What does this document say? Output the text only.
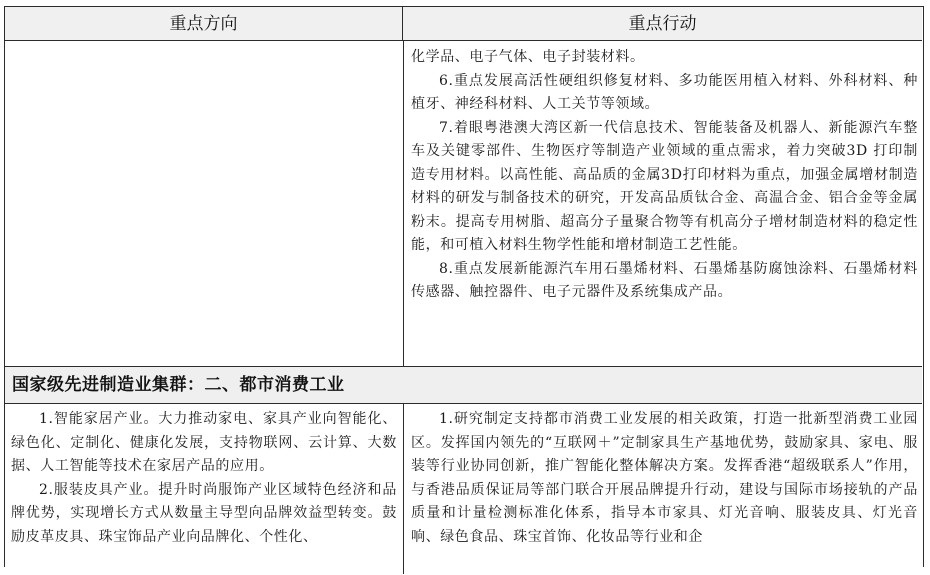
重点方向	重点行动

化学品、电子气体、电子封装材料。

6.重点发展高活性硬组织修复材料、多功能医用植入材料、外科材料、种植牙、神经科材料、人工关节等领域。

7.着眼粤港澳大湾区新一代信息技术、智能装备及机器人、新能源汽车整车及关键零部件、生物医疗等制造产业领域的重点需求，着力突破3D 打印制造专用材料。以高性能、高品质的金属3D打印材料为重点，加强金属增材制造材料的研发与制备技术的研究，开发高品质钛合金、高温合金、铝合金等金属粉末。提高专用树脂、超高分子量聚合物等有机高分子增材制造材料的稳定性能，和可植入材料生物学性能和增材制造工艺性能。

8.重点发展新能源汽车用石墨烯材料、石墨烯基防腐蚀涂料、石墨烯材料传感器、触控器件、电子元器件及系统集成产品。

国家级先进制造业集群：二、都市消费工业

1.智能家居产业。大力推动家电、家具产业向智能化、绿色化、定制化、健康化发展，支持物联网、云计算、大数据、人工智能等技术在家居产品的应用。

2.服装皮具产业。提升时尚服饰产业区域特色经济和品牌优势，实现增长方式从数量主导型向品牌效益型转变。鼓励皮革皮具、珠宝饰品产业向品牌化、个性化、

1.研究制定支持都市消费工业发展的相关政策，打造一批新型消费工业园区。发挥国内领先的“互联网＋”定制家具生产基地优势，鼓励家具、家电、服装等行业协同创新，推广智能化整体解决方案。发挥香港“超级联系人”作用，与香港品质保证局等部门联合开展品牌提升行动，建设与国际市场接轨的产品质量和计量检测标准化体系，指导本市家具、灯光音响、服装皮具、灯光音响、绿色食品、珠宝首饰、化妆品等行业和企
